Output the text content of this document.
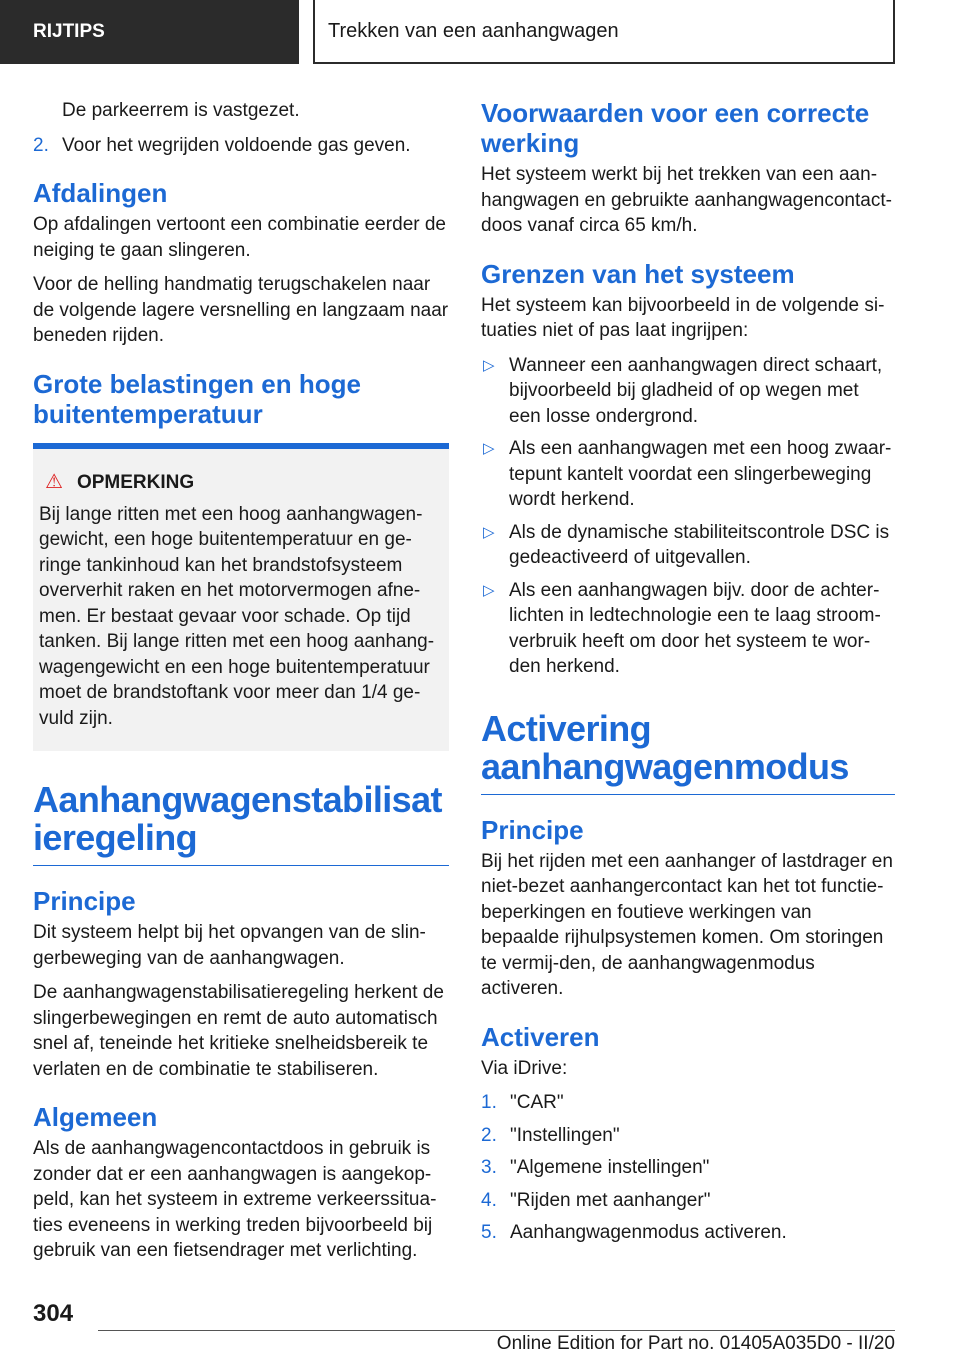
RIJTIPS	Trekken van een aanhangwagen

De parkeerrem is vastgezet.

2. Voor het wegrijden voldoende gas geven.
Afdalingen

Op afdalingen vertoont een combinatie eerder de neiging te gaan slingeren.

Voor de helling handmatig terugschakelen naar de volgende lagere versnelling en langzaam naar beneden rijden.

Grote belastingen en hoge buitentemperatuur
⚠ OPMERKING

Bij lange ritten met een hoog aanhangwagen-gewicht, een hoge buitentemperatuur en ge-ringe tankinhoud kan het brandstofsysteem oververhit raken en het motorvermogen afne-men. Er bestaat gevaar voor schade. Op tijd tanken. Bij lange ritten met een hoog aanhang-wagengewicht en een hoge buitentemperatuur moet de brandstoftank voor meer dan 1/4 ge-vuld zijn.

Aanhangwagenstabilisatieregeling
Principe

Dit systeem helpt bij het opvangen van de slin-gerbeweging van de aanhangwagen.

De aanhangwagenstabilisatieregeling herkent de slingerbewegingen en remt de auto automatisch snel af, teneinde het kritieke snelheidsbereik te verlaten en de combinatie te stabiliseren.

Algemeen

Als de aanhangwagencontactdoos in gebruik is zonder dat er een aanhangwagen is aangekop-peld, kan het systeem in extreme verkeerssitua-ties eveneens in werking treden bijvoorbeeld bij gebruik van een fietsendrager met verlichting.

Voorwaarden voor een correcte werking

Het systeem werkt bij het trekken van een aan-hangwagen en gebruikte aanhangwagencontact-doos vanaf circa 65 km/h.

Grenzen van het systeem

Het systeem kan bijvoorbeeld in de volgende si-tuaties niet of pas laat ingrijpen:

▷ Wanneer een aanhangwagen direct schaart, bijvoorbeeld bij gladheid of op wegen met een losse ondergrond.
▷ Als een aanhangwagen met een hoog zwaar-tepunt kantelt voordat een slingerbeweging wordt herkend.
▷ Als de dynamische stabiliteitscontrole DSC is gedeactiveerd of uitgevallen.
▷ Als een aanhangwagen bijv. door de achter-lichten in ledtechnologie een te laag stroom-verbruik heeft om door het systeem te wor-den herkend.
Activering aanhangwagenmodus
Principe

Bij het rijden met een aanhanger of lastdrager en niet-bezet aanhangercontact kan het tot functie-beperkingen en foutieve werkingen van bepaalde rijhulpsystemen komen. Om storingen te vermij-den, de aanhangwagenmodus activeren.

Activeren

Via iDrive:

1. "CAR"
2. "Instellingen"
3. "Algemene instellingen"
4. "Rijden met aanhanger"
5. Aanhangwagenmodus activeren.
304
Online Edition for Part no. 01405A035D0 - II/20
